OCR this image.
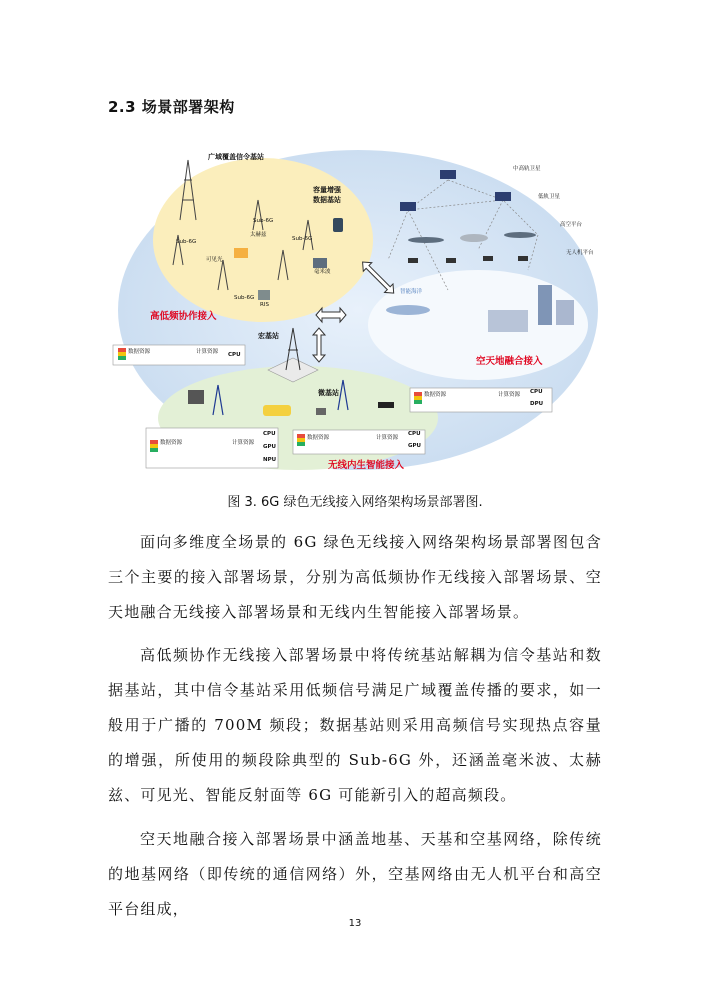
2.3 场景部署架构
广域覆盖信令基站
容量增强
数据基站
太赫兹
Sub-6G
Sub-6G
Sub-6G
Sub-6G
可见光
毫米波
RIS
高低频协作接入
宏基站
微基站
空天地融合接入
无线内生智能接入
中高轨卫星
低轨卫星
高空平台
无人机平台
智能海洋
数据资源	计算资源 CPU
数据资源	计算资源 CPU
DPU
数据资源	计算资源
CPU
GPU
NPU
数据资源	计算资源
CPU
GPU
图 3. 6G 绿色无线接入网络架构场景部署图.
面向多维度全场景的 6G 绿色无线接入网络架构场景部署图包含三个主要的接入部署场景，分别为高低频协作无线接入部署场景、空天地融合无线接入部署场景和无线内生智能接入部署场景。
高低频协作无线接入部署场景中将传统基站解耦为信令基站和数据基站，其中信令基站采用低频信号满足广域覆盖传播的要求，如一般用于广播的 700M 频段；数据基站则采用高频信号实现热点容量的增强，所使用的频段除典型的 Sub-6G 外，还涵盖毫米波、太赫兹、可见光、智能反射面等 6G 可能新引入的超高频段。
空天地融合接入部署场景中涵盖地基、天基和空基网络，除传统的地基网络（即传统的通信网络）外，空基网络由无人机平台和高空平台组成，
13
